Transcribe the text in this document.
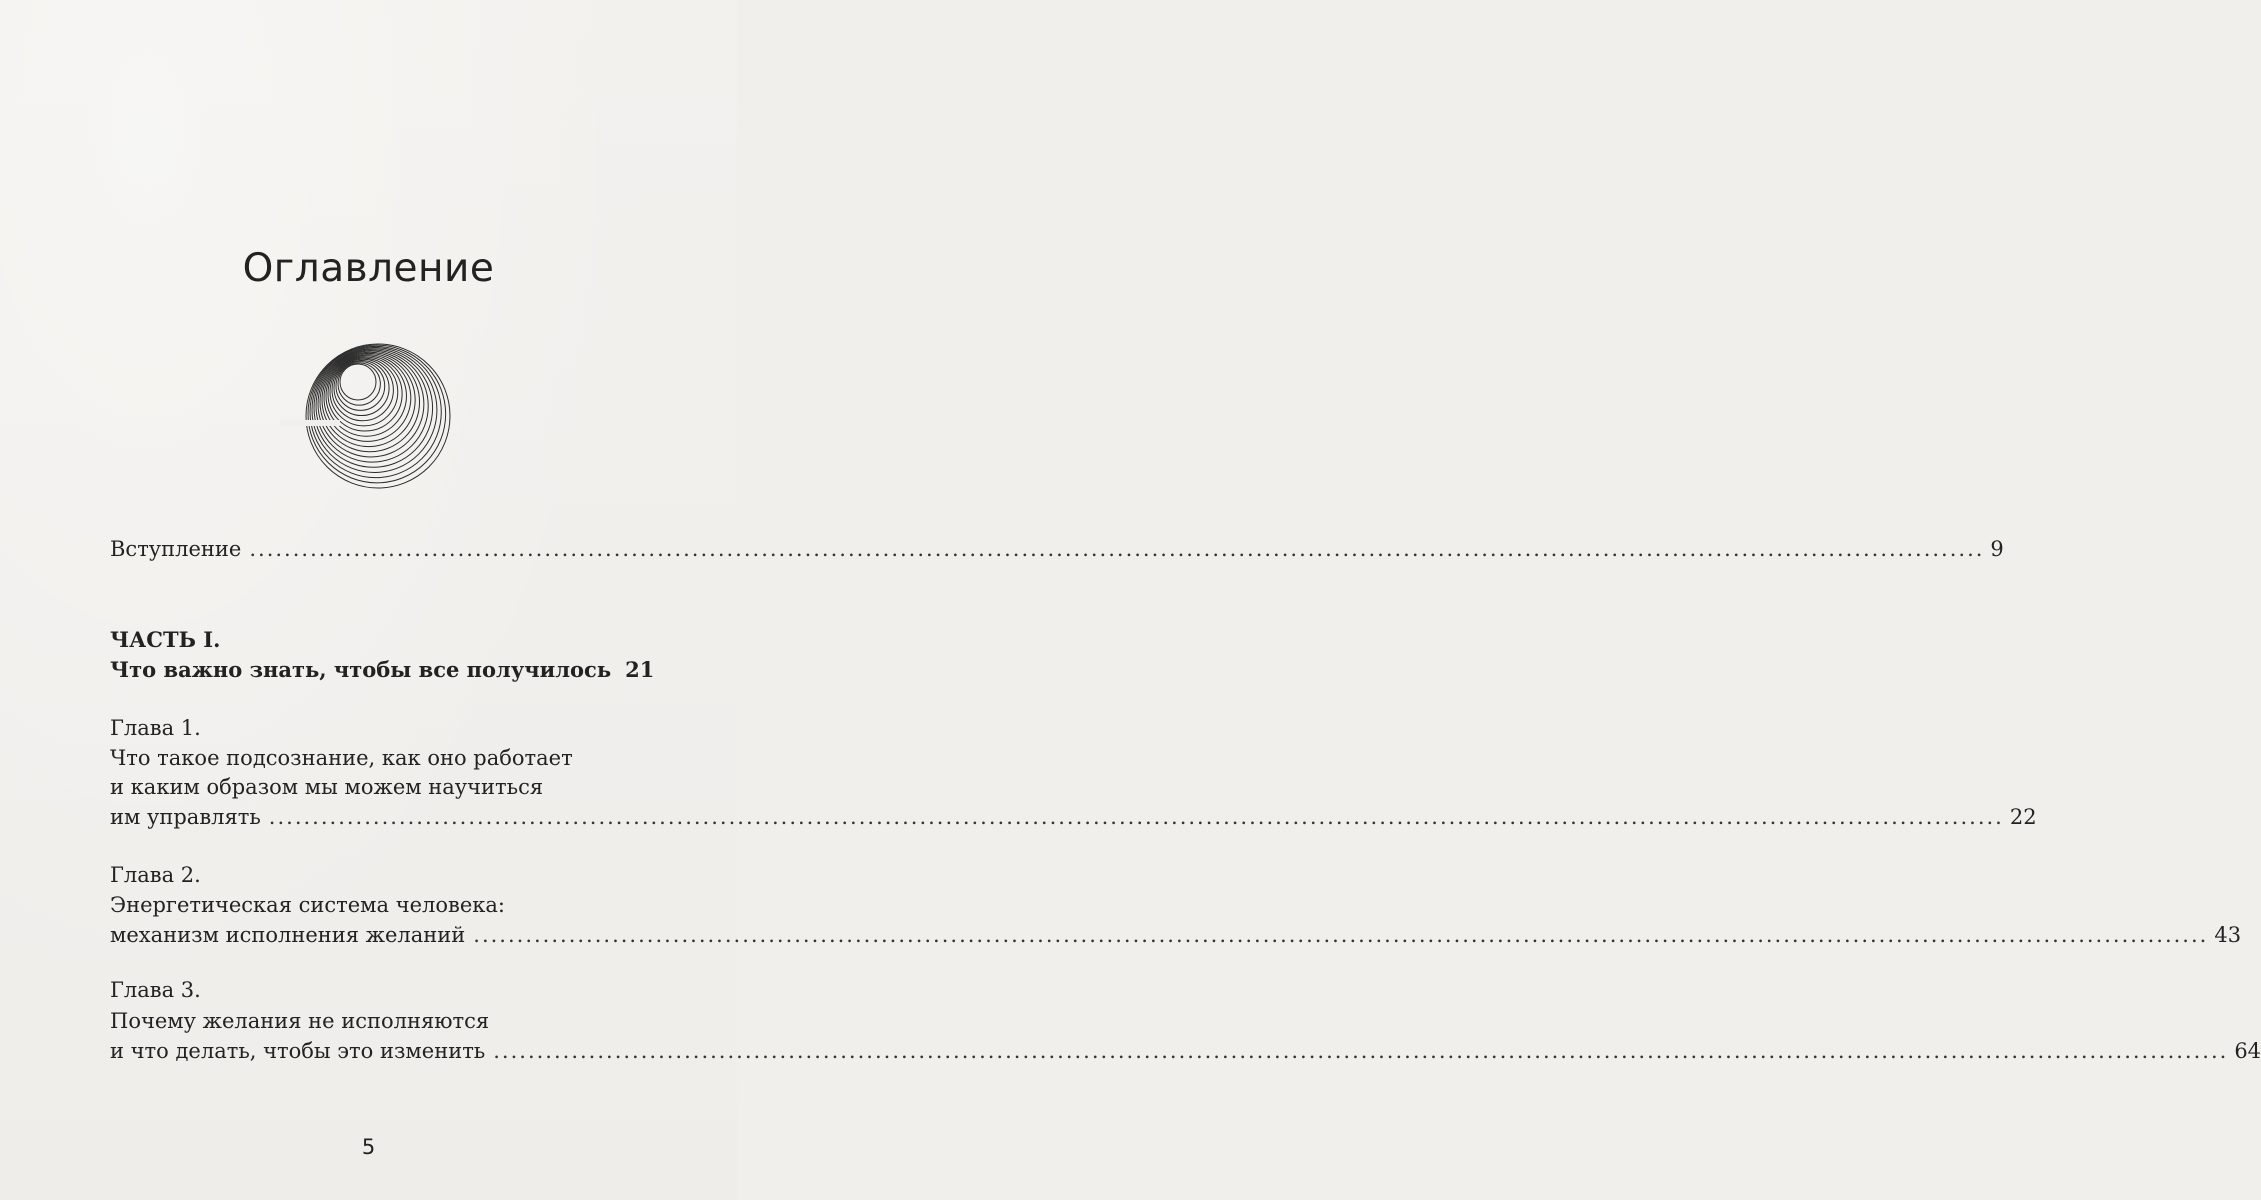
Оглавление
Вступление ........................................................................................................................................................................................................ 9
ЧАСТЬ I.
Что важно знать, чтобы все получилось 21
Глава 1.
Что такое подсознание, как оно работает
и каким образом мы можем научиться
им управлять ........................................................................................................................................................................................................ 22
Глава 2.
Энергетическая система человека:
механизм исполнения желаний ........................................................................................................................................................................................................ 43
Глава 3.
Почему желания не исполняются
и что делать, чтобы это изменить ........................................................................................................................................................................................................ 64
5
